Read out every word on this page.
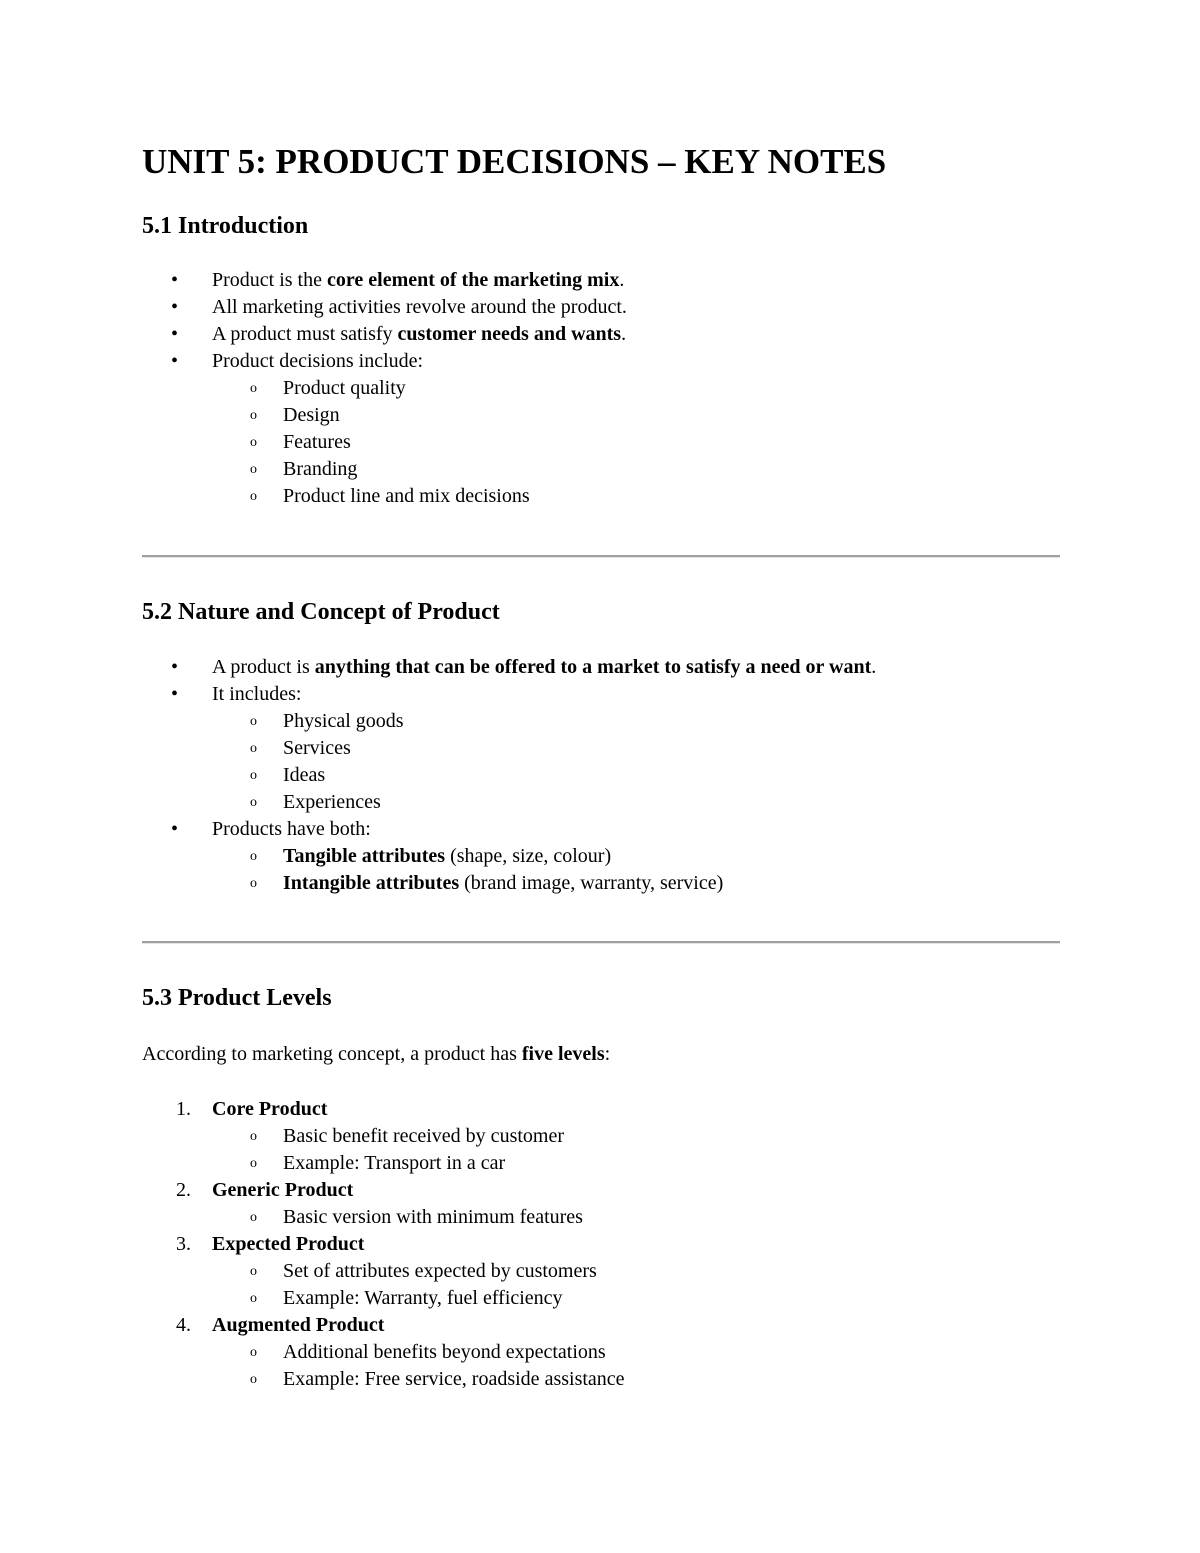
UNIT 5: PRODUCT DECISIONS – KEY NOTES
5.1 Introduction
•	Product is the core element of the marketing mix.
•	All marketing activities revolve around the product.
•	A product must satisfy customer needs and wants.
•	Product decisions include:
o Product quality
o Design
o Features
o Branding
o Product line and mix decisions
5.2 Nature and Concept of Product
•	A product is anything that can be offered to a market to satisfy a need or want.
•	It includes:
o Physical goods
o Services
o Ideas
o Experiences
•	Products have both:
o Tangible attributes (shape, size, colour)
o Intangible attributes (brand image, warranty, service)
5.3 Product Levels
According to marketing concept, a product has five levels:
1. Core Product
o Basic benefit received by customer
o Example: Transport in a car
2. Generic Product
o Basic version with minimum features
3. Expected Product
o Set of attributes expected by customers
o Example: Warranty, fuel efficiency
4. Augmented Product
o Additional benefits beyond expectations
o Example: Free service, roadside assistance
